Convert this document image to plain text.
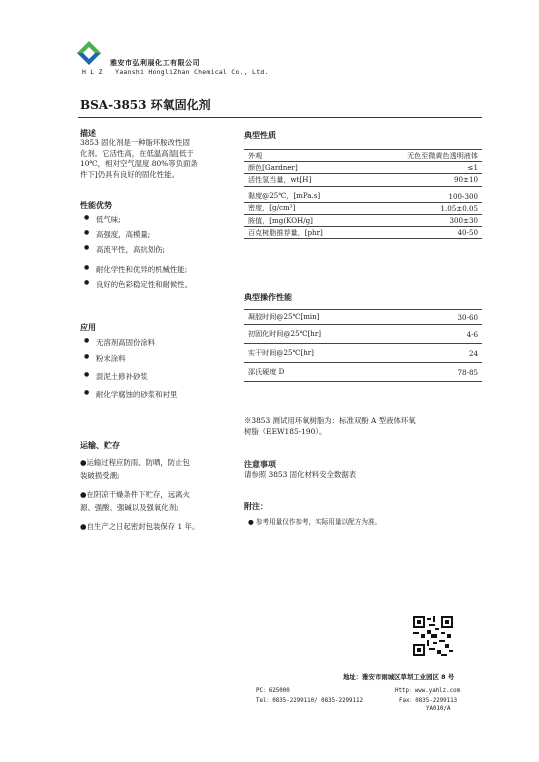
雅安市弘利展化工有限公司
H L Z   Yaanshi HongliZhan Chemical Co., Ltd.
BSA-3853 环氧固化剂
描述
3853 固化剂是一种脂环胺改性固
化剂。它活性高，在低温高湿[低于
10℃，相对空气湿度 80%等负面条
件下]仍具有良好的固化性能。
性能优势
● 低气味;
● 高强度，高模量;
● 高流平性，高抗划伤;
● 耐化学性和优异的机械性能;
● 良好的色彩稳定性和耐候性。
应用
● 无溶剂高固份涂料
● 粉末涂料
● 混泥土修补砂浆
● 耐化学腐蚀的砂浆和衬里
运输、贮存
●运输过程应防雨、防晒，防止包
装破损受潮;
●在阴凉干燥条件下贮存，远离火
源、强酸、强碱以及强氧化剂;
●自生产之日起密封包装保存 1 年。
典型性质
外观	无色至微黄色透明液体
颜色[Gardner]	≤1
活性氢当量，wt[H]	90±10
黏度@25℃，[mPa.s]	100-300
密度，[g/cm³]	1.05±0.05
胺值，[mg(KOH/g]	300±30
百克树脂推荐量，[phr]	40-50
典型操作性能
凝胶时间@25℃[min]	30-60
初固化时间@25℃[hr]	4-6
实干时间@25℃[hr]	24
邵氏硬度 D	78-85
※3853 测试用环氧树脂为：标准双酚 A 型液体环氧
树脂（EEW185-190）。
注意事项
请参照 3853 固化材料安全数据表
附注：
● 参考用量仅作参考，实际用量以配方为准。
地址：雅安市雨城区草坝工业园区 8 号
PC：625000	Http：www.yahlz.com
Tel：0835-2299110/ 0835-2299112	Fax：0835-2299113
YA010/A
